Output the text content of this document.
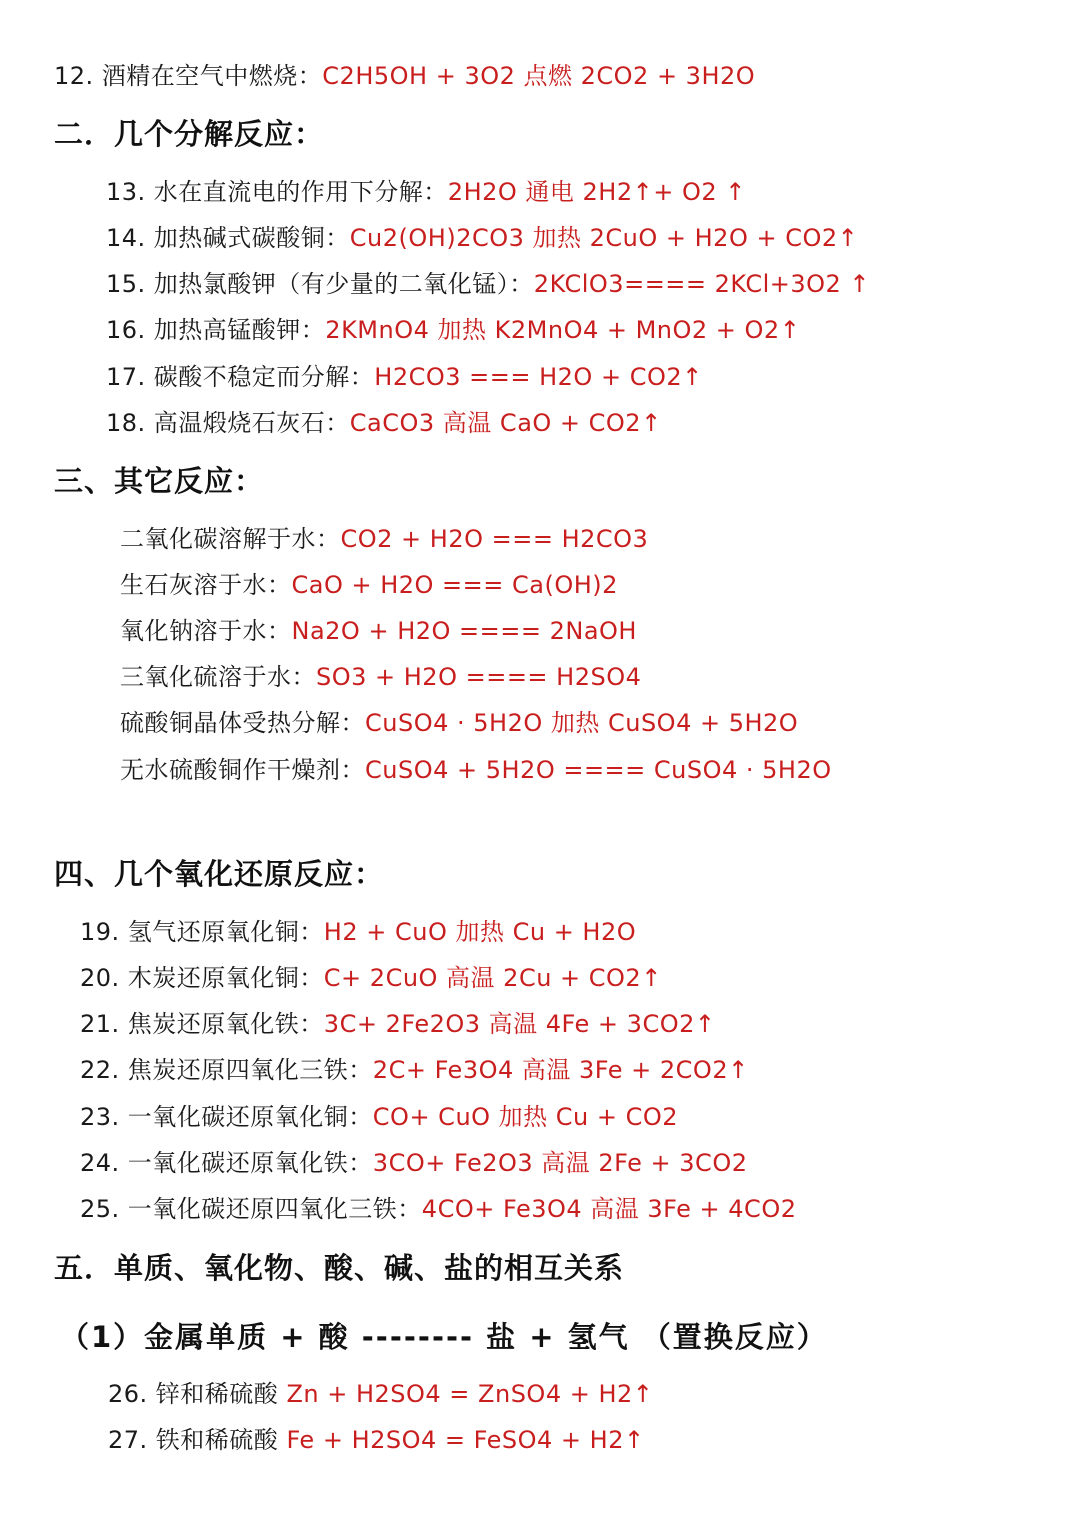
12. 酒精在空气中燃烧：C2H5OH + 3O2 点燃 2CO2 + 3H2O
二．几个分解反应：
13. 水在直流电的作用下分解：2H2O 通电 2H2↑+ O2 ↑
14. 加热碱式碳酸铜：Cu2(OH)2CO3 加热 2CuO + H2O + CO2↑
15. 加热氯酸钾（有少量的二氧化锰）：2KClO3==== 2KCl+3O2 ↑
16. 加热高锰酸钾：2KMnO4 加热 K2MnO4 + MnO2 + O2↑
17. 碳酸不稳定而分解：H2CO3 === H2O + CO2↑
18. 高温煅烧石灰石：CaCO3 高温 CaO + CO2↑
三、其它反应：
二氧化碳溶解于水：CO2 + H2O === H2CO3
生石灰溶于水：CaO + H2O === Ca(OH)2
氧化钠溶于水：Na2O + H2O ==== 2NaOH
三氧化硫溶于水：SO3 + H2O ==== H2SO4
硫酸铜晶体受热分解：CuSO4 · 5H2O 加热 CuSO4 + 5H2O
无水硫酸铜作干燥剂：CuSO4 + 5H2O ==== CuSO4 · 5H2O
四、几个氧化还原反应：
19. 氢气还原氧化铜：H2 + CuO 加热 Cu + H2O
20. 木炭还原氧化铜：C+ 2CuO 高温 2Cu + CO2↑
21. 焦炭还原氧化铁：3C+ 2Fe2O3 高温 4Fe + 3CO2↑
22. 焦炭还原四氧化三铁：2C+ Fe3O4 高温 3Fe + 2CO2↑
23. 一氧化碳还原氧化铜：CO+ CuO 加热 Cu + CO2
24. 一氧化碳还原氧化铁：3CO+ Fe2O3 高温 2Fe + 3CO2
25. 一氧化碳还原四氧化三铁：4CO+ Fe3O4 高温 3Fe + 4CO2
五．单质、氧化物、酸、碱、盐的相互关系
（1）金属单质 + 酸 -------- 盐 + 氢气 （置换反应）
26. 锌和稀硫酸 Zn + H2SO4 = ZnSO4 + H2↑
27. 铁和稀硫酸 Fe + H2SO4 = FeSO4 + H2↑
